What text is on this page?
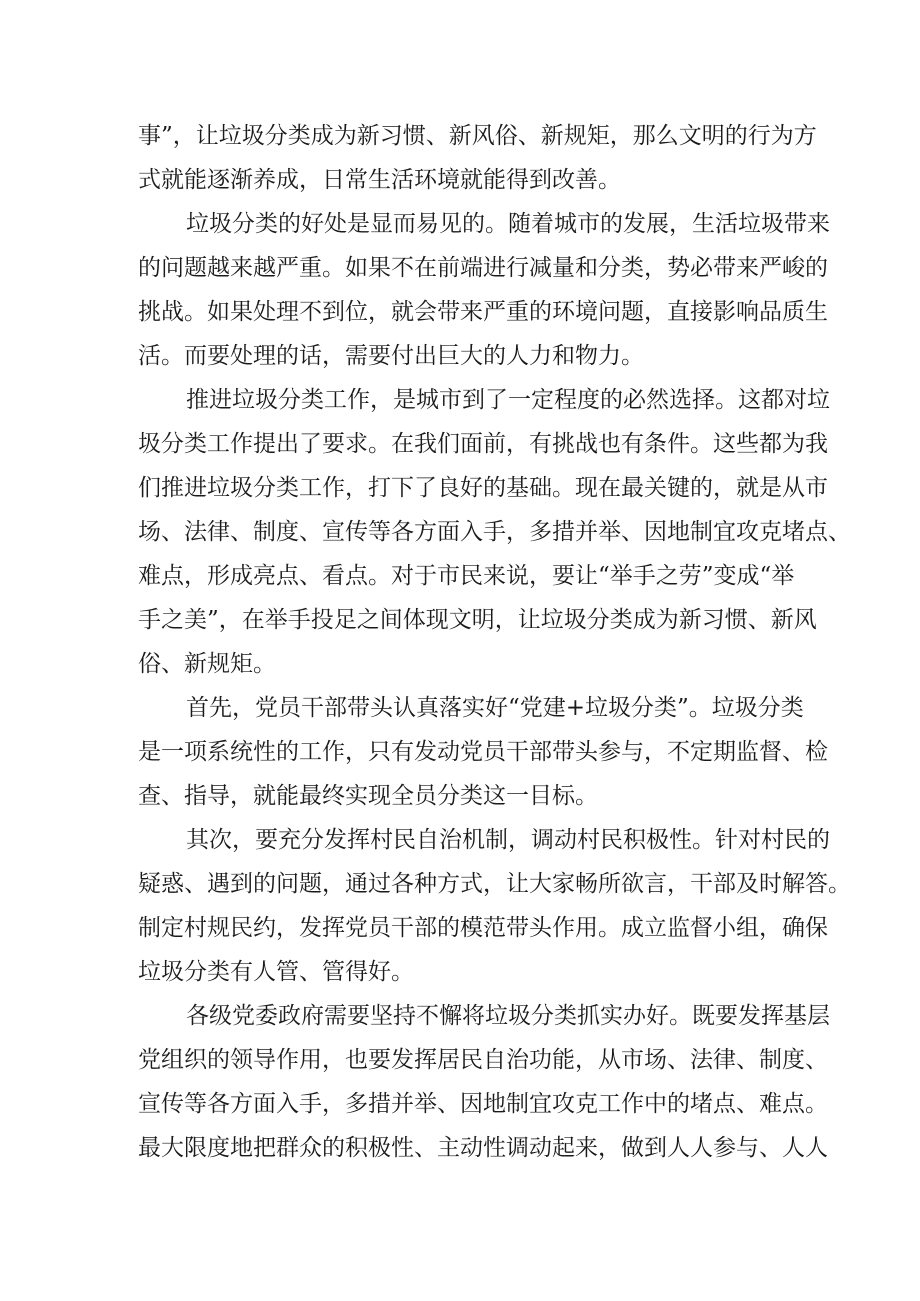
事”，让垃圾分类成为新习惯、新风俗、新规矩，那么文明的行为方
式就能逐渐养成，日常生活环境就能得到改善。
垃圾分类的好处是显而易见的。随着城市的发展，生活垃圾带来
的问题越来越严重。如果不在前端进行减量和分类，势必带来严峻的
挑战。如果处理不到位，就会带来严重的环境问题，直接影响品质生
活。而要处理的话，需要付出巨大的人力和物力。
推进垃圾分类工作，是城市到了一定程度的必然选择。这都对垃
圾分类工作提出了要求。在我们面前，有挑战也有条件。这些都为我
们推进垃圾分类工作，打下了良好的基础。现在最关键的，就是从市
场、法律、制度、宣传等各方面入手，多措并举、因地制宜攻克堵点、
难点，形成亮点、看点。对于市民来说，要让“举手之劳”变成“举
手之美”，在举手投足之间体现文明，让垃圾分类成为新习惯、新风
俗、新规矩。
首先，党员干部带头认真落实好“党建+垃圾分类”。垃圾分类
是一项系统性的工作，只有发动党员干部带头参与，不定期监督、检
查、指导，就能最终实现全员分类这一目标。
其次，要充分发挥村民自治机制，调动村民积极性。针对村民的
疑惑、遇到的问题，通过各种方式，让大家畅所欲言，干部及时解答。
制定村规民约，发挥党员干部的模范带头作用。成立监督小组，确保
垃圾分类有人管、管得好。
各级党委政府需要坚持不懈将垃圾分类抓实办好。既要发挥基层
党组织的领导作用，也要发挥居民自治功能，从市场、法律、制度、
宣传等各方面入手，多措并举、因地制宜攻克工作中的堵点、难点。
最大限度地把群众的积极性、主动性调动起来，做到人人参与、人人
